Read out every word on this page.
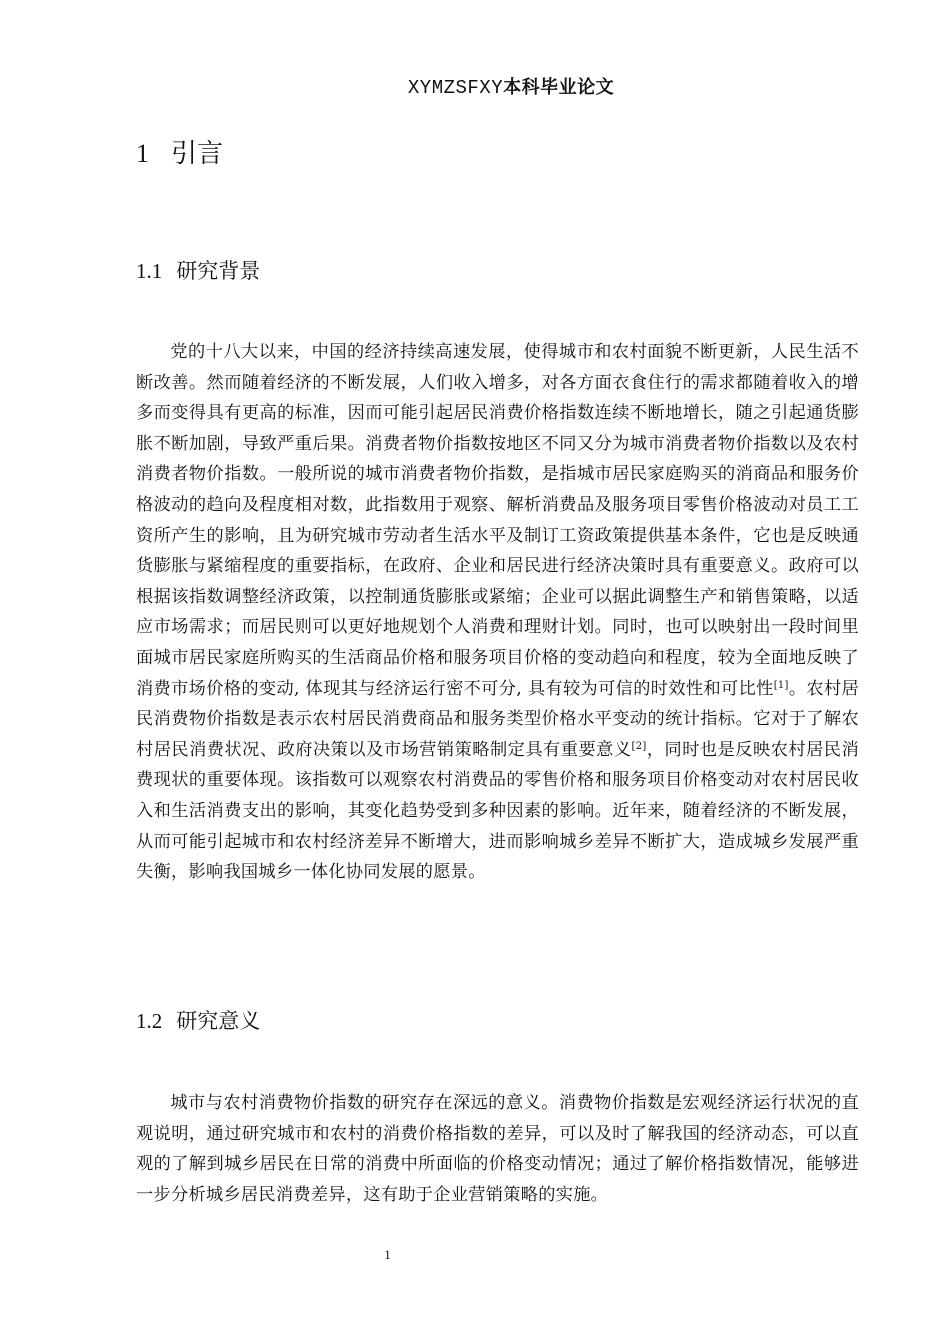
XYMZSFXY本科毕业论文
1 引言
1.1 研究背景

党的十八大以来，中国的经济持续高速发展，使得城市和农村面貌不断更新，人民生活不断改善。然而随着经济的不断发展，人们收入增多，对各方面衣食住行的需求都随着收入的增多而变得具有更高的标准，因而可能引起居民消费价格指数连续不断地增长，随之引起通货膨胀不断加剧，导致严重后果。消费者物价指数按地区不同又分为城市消费者物价指数以及农村消费者物价指数。一般所说的城市消费者物价指数，是指城市居民家庭购买的消商品和服务价格波动的趋向及程度相对数，此指数用于观察、解析消费品及服务项目零售价格波动对员工工资所产生的影响，且为研究城市劳动者生活水平及制订工资政策提供基本条件，它也是反映通货膨胀与紧缩程度的重要指标，在政府、企业和居民进行经济决策时具有重要意义。政府可以根据该指数调整经济政策，以控制通货膨胀或紧缩；企业可以据此调整生产和销售策略，以适应市场需求；而居民则可以更好地规划个人消费和理财计划。同时，也可以映射出一段时间里面城市居民家庭所购买的生活商品价格和服务项目价格的变动趋向和程度，较为全面地反映了消费市场价格的变动, 体现其与经济运行密不可分, 具有较为可信的时效性和可比性[1]。农村居民消费物价指数是表示农村居民消费商品和服务类型价格水平变动的统计指标。它对于了解农村居民消费状况、政府决策以及市场营销策略制定具有重要意义[2]，同时也是反映农村居民消费现状的重要体现。该指数可以观察农村消费品的零售价格和服务项目价格变动对农村居民收入和生活消费支出的影响，其变化趋势受到多种因素的影响。近年来，随着经济的不断发展，从而可能引起城市和农村经济差异不断增大，进而影响城乡差异不断扩大，造成城乡发展严重失衡，影响我国城乡一体化协同发展的愿景。

1.2 研究意义

城市与农村消费物价指数的研究存在深远的意义。消费物价指数是宏观经济运行状况的直观说明，通过研究城市和农村的消费价格指数的差异，可以及时了解我国的经济动态，可以直观的了解到城乡居民在日常的消费中所面临的价格变动情况；通过了解价格指数情况，能够进一步分析城乡居民消费差异，这有助于企业营销策略的实施。

1
